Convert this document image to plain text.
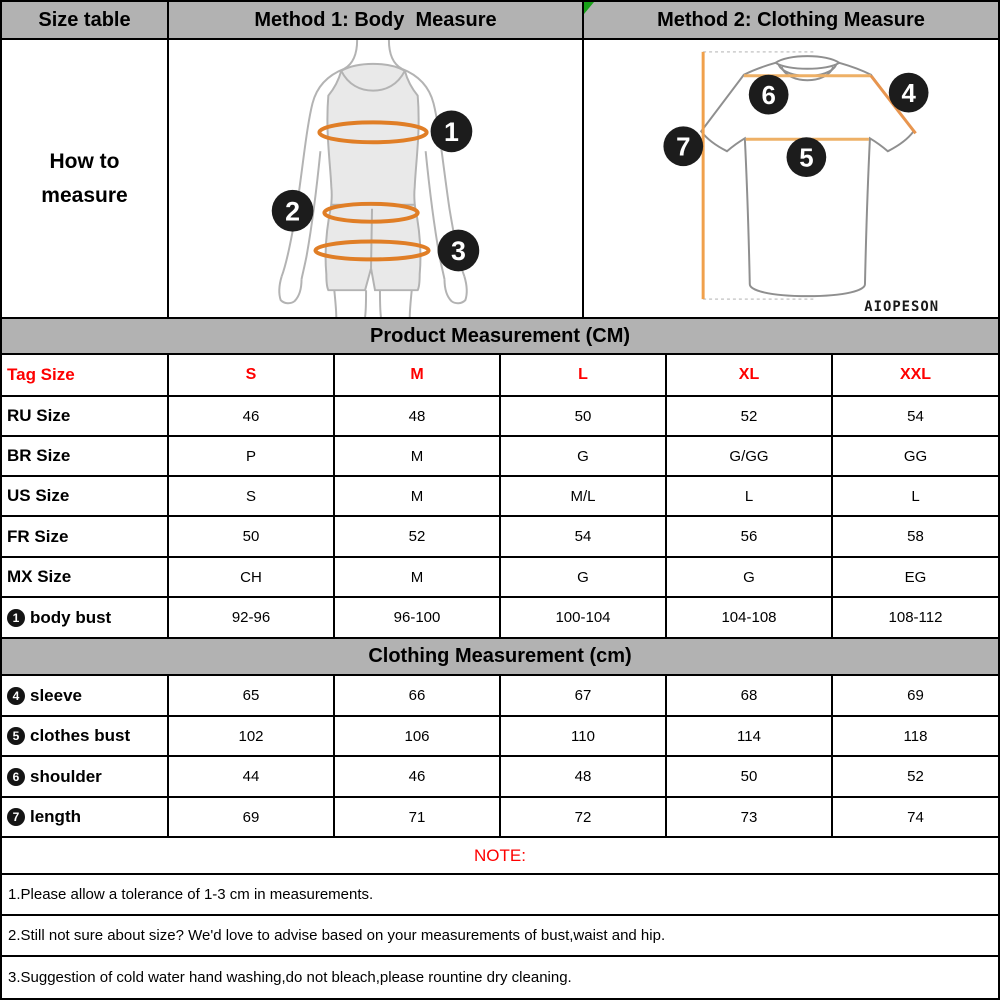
Size table	Method 1: Body  Measure	Method 2: Clothing Measure
How to
measure
1
2
3
6	4
5
7
AIOPESON
Product Measurement (CM)
Tag Size	S	M	L	XL	XXL
RU Size	46	48	50	52	54
BR Size	P	M	G	G/GG	GG
US Size	S	M	M/L	L	L
FR Size	50	52	54	56	58
MX Size	CH	M	G	G	EG
1 body bust	92-96	96-100	100-104	104-108	108-112
Clothing Measurement (cm)
4 sleeve	65	66	67	68	69
5 clothes bust	102	106	110	114	118
6 shoulder	44	46	48	50	52
7 length	69	71	72	73	74
NOTE:
1.Please allow a tolerance of 1-3 cm in measurements.
2.Still not sure about size? We'd love to advise based on your measurements of bust,waist and hip.
3.Suggestion of cold water hand washing,do not bleach,please rountine dry cleaning.
